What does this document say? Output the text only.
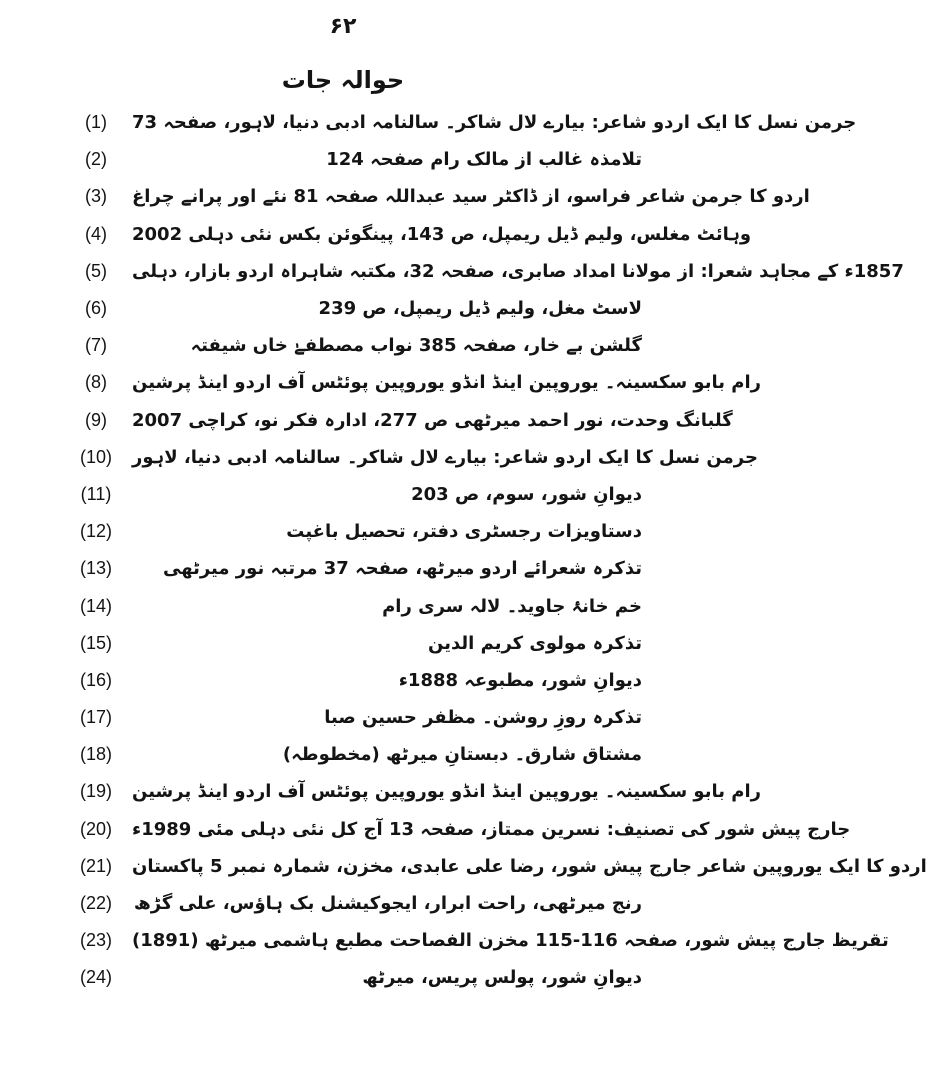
۶۲
حوالہ جات
(1)	جرمن نسل کا ایک اردو شاعر: بیارے لال شاکر۔ سالنامہ ادبی دنیا، لاہور، صفحہ 73
(2)	تلامذہ غالب از مالک رام صفحہ 124
(3)	اردو کا جرمن شاعر فراسو، از ڈاکٹر سید عبداللہ صفحہ 81 نئے اور پرانے چراغ
(4)	وہائٹ مغلس، ولیم ڈیل ریمپل، ص 143، پینگوئن بکس نئی دہلی 2002
(5)	1857ء کے مجاہد شعرا: از مولانا امداد صابری، صفحہ 32، مکتبہ شاہراہ اردو بازار، دہلی
(6)	لاسٹ مغل، ولیم ڈیل ریمپل، ص 239
(7)	گلشن بے خار، صفحہ 385 نواب مصطفےٰ خاں شیفتہ
(8)	رام بابو سکسینہ۔ یوروپین اینڈ انڈو یوروپین پوئٹس آف اردو اینڈ پرشین
(9)	گلبانگ وحدت، نور احمد میرٹھی ص 277، ادارہ فکر نو، کراچی 2007
(10)	جرمن نسل کا ایک اردو شاعر: بیارے لال شاکر۔ سالنامہ ادبی دنیا، لاہور
(11)	دیوانِ شور، سوم، ص 203
(12)	دستاویزات رجسٹری دفتر، تحصیل باغپت
(13)	تذکرہ شعرائے اردو میرٹھ، صفحہ 37 مرتبہ نور میرٹھی
(14)	خم خانۂ جاوید۔ لالہ سری رام
(15)	تذکرہ مولوی کریم الدین
(16)	دیوانِ شور، مطبوعہ 1888ء
(17)	تذکرہ روزِ روشن۔ مظفر حسین صبا
(18)	مشتاق شارق۔ دبستانِ میرٹھ (مخطوطہ)
(19)	رام بابو سکسینہ۔ یوروپین اینڈ انڈو یوروپین پوئٹس آف اردو اینڈ پرشین
(20)	جارج پیش شور کی تصنیف: نسرین ممتاز، صفحہ 13 آج کل نئی دہلی مئی 1989ء
(21)	اردو کا ایک یوروپین شاعر جارج پیش شور، رضا علی عابدی، مخزن، شمارہ نمبر 5 پاکستان
(22)	رنج میرٹھی، راحت ابرار، ایجوکیشنل بک ہاؤس، علی گڑھ
(23)	تقریظ جارج پیش شور، صفحہ 116-115 مخزن الفصاحت مطبع ہاشمی میرٹھ (1891)
(24)	دیوانِ شور، پولس پریس، میرٹھ
